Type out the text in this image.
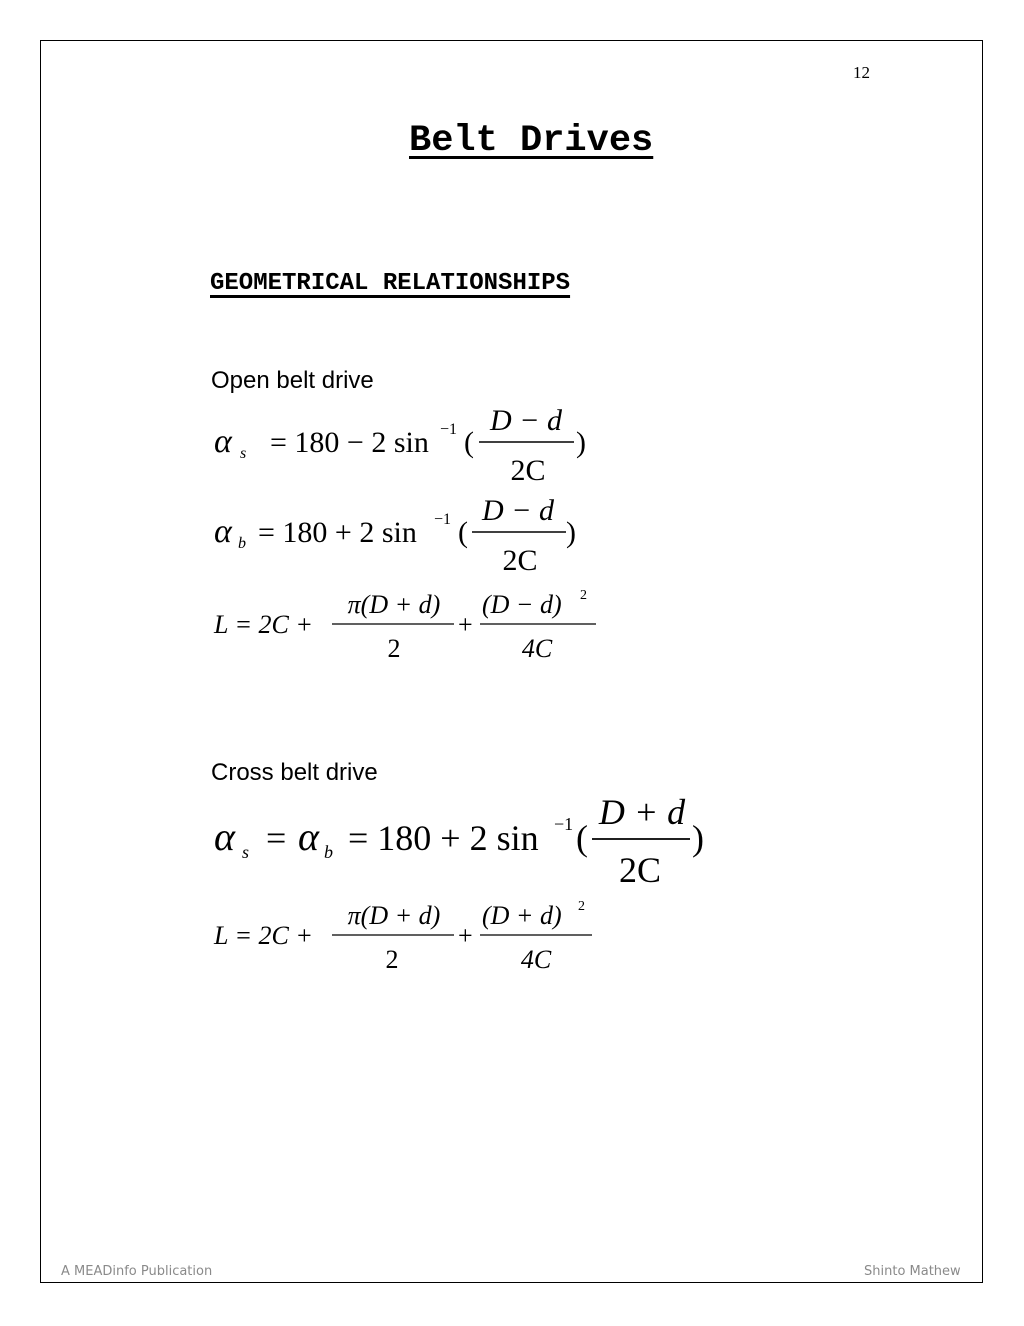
12
Belt Drives
GEOMETRICAL RELATIONSHIPS
Open belt drive
α s = 180 − 2 sin −1 (
D − d
2C
)
α b = 180 + 2 sin −1 (
D − d
2C
)
L = 2C +
π(D + d)
2
+
(D − d) 2
4C
Cross belt drive
α s = α b = 180 + 2 sin −1 (
D + d
2C
)
L = 2C +
π(D + d)
2
+
(D + d) 2
4C
A MEADinfo Publication	Shinto Mathew
